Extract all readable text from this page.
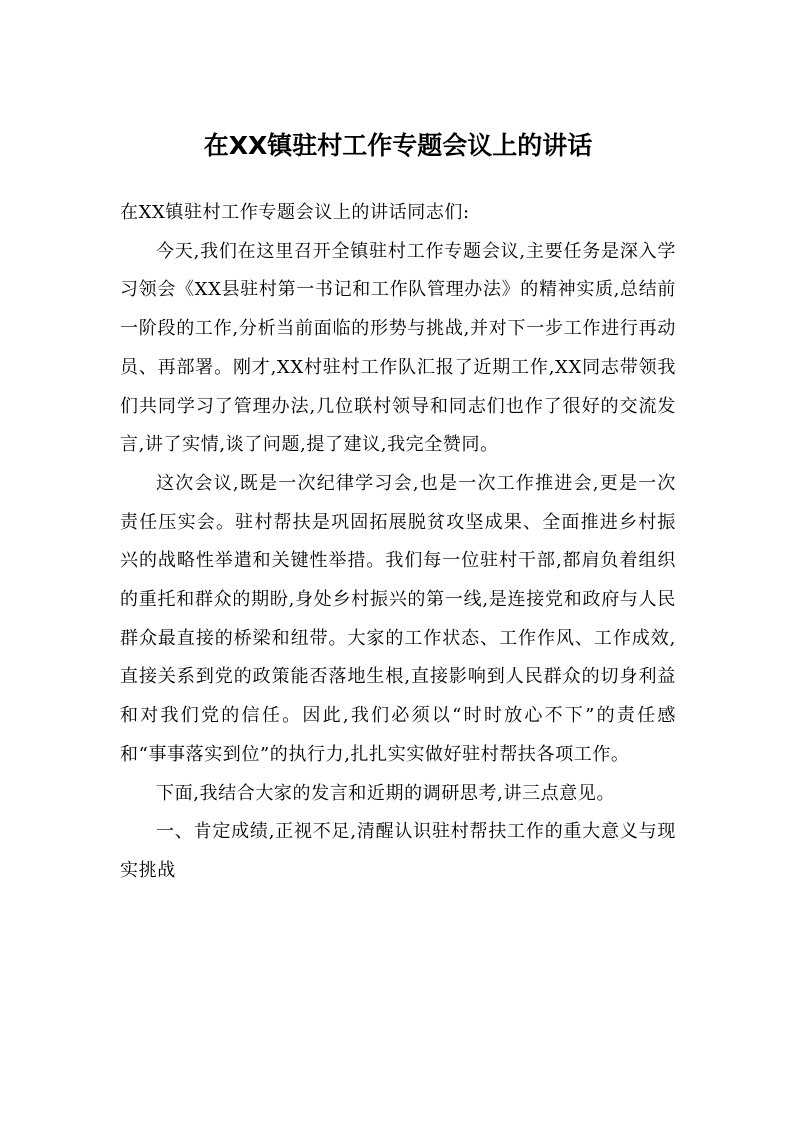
在XX镇驻村工作专题会议上的讲话

在XX镇驻村工作专题会议上的讲话同志们:

今天,我们在这里召开全镇驻村工作专题会议,主要任务是深入学习领会《XX县驻村第一书记和工作队管理办法》的精神实质,总结前一阶段的工作,分析当前面临的形势与挑战,并对下一步工作进行再动员、再部署。刚才,XX村驻村工作队汇报了近期工作,XX同志带领我们共同学习了管理办法,几位联村领导和同志们也作了很好的交流发言,讲了实情,谈了问题,提了建议,我完全赞同。

这次会议,既是一次纪律学习会,也是一次工作推进会,更是一次责任压实会。驻村帮扶是巩固拓展脱贫攻坚成果、全面推进乡村振兴的战略性举遣和关键性举措。我们每一位驻村干部,都肩负着组织的重托和群众的期盼,身处乡村振兴的第一线,是连接党和政府与人民群众最直接的桥梁和纽带。大家的工作状态、工作作风、工作成效,直接关系到党的政策能否落地生根,直接影响到人民群众的切身利益和对我们党的信任。因此,我们必须以“时时放心不下”的责任感和“事事落实到位”的执行力,扎扎实实做好驻村帮扶各项工作。

下面,我结合大家的发言和近期的调研思考,讲三点意见。

一、肯定成绩,正视不足,清醒认识驻村帮扶工作的重大意义与现实挑战
